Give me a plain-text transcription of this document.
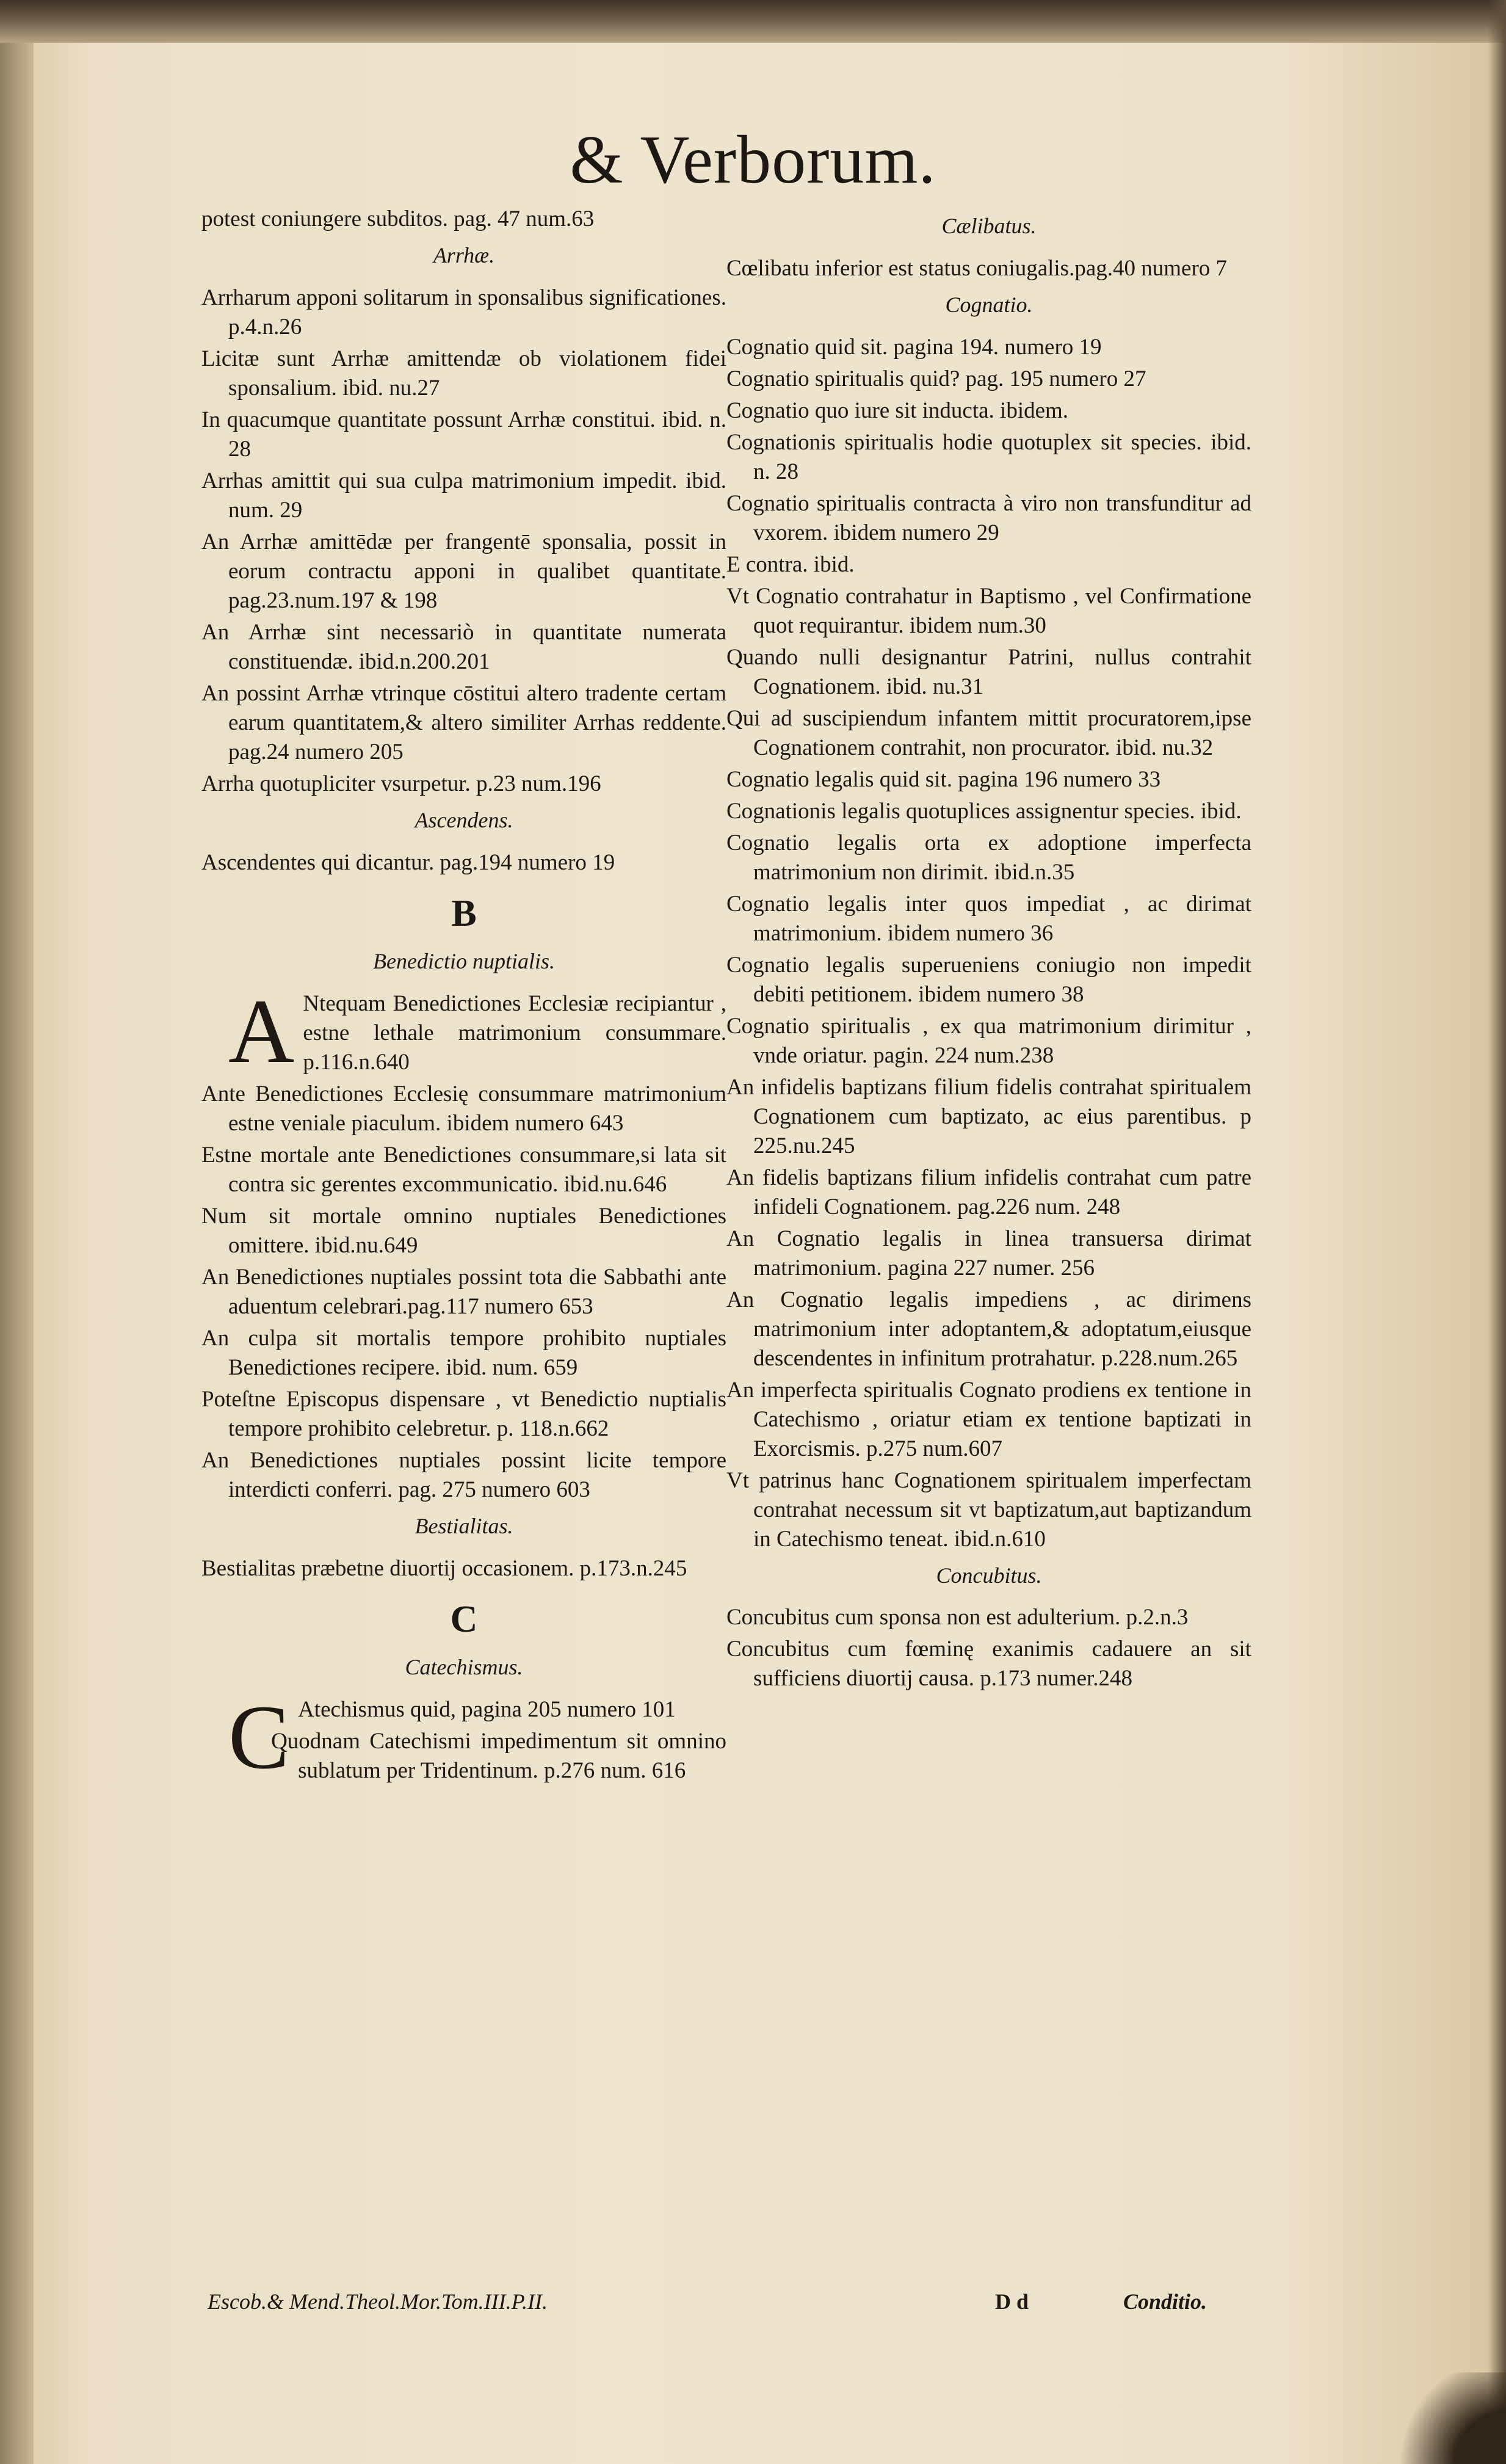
& Verborum.

potest coniungere subditos. pag. 47 num.63

Arrhæ.

Arrharum apponi solitarum in sponsalibus significationes. p.4.n.26

Licitæ sunt Arrhæ amittendæ ob violationem fidei sponsalium. ibid. nu.27

In quacumque quantitate possunt Arrhæ constitui. ibid. n. 28

Arrhas amittit qui sua culpa matrimonium impedit. ibid. num. 29

An Arrhæ amittēdæ per frangentē sponsalia, possit in eorum contractu apponi in qualibet quantitate. pag.23.num.197 & 198

An Arrhæ sint necessariò in quantitate numerata constituendæ. ibid.n.200.201

An possint Arrhæ vtrinque cōstitui altero tradente certam earum quantitatem,& altero similiter Arrhas reddente. pag.24 numero 205

Arrha quotupliciter vsurpetur. p.23 num.196

Ascendens.

Ascendentes qui dicantur. pag.194 numero 19

B
Benedictio nuptialis.

A Ntequam Benedictiones Ecclesiæ recipiantur , estne lethale matrimonium consummare. p.116.n.640

Ante Benedictiones Ecclesię consummare matrimonium estne veniale piaculum. ibidem numero 643

Estne mortale ante Benedictiones consummare,si lata sit contra sic gerentes excommunicatio. ibid.nu.646

Num sit mortale omnino nuptiales Benedictiones omittere. ibid.nu.649

An Benedictiones nuptiales possint tota die Sabbathi ante aduentum celebrari.pag.117 numero 653

An culpa sit mortalis tempore prohibito nuptiales Benedictiones recipere. ibid. num. 659

Poteſtne Episcopus dispensare , vt Benedictio nuptialis tempore prohibito celebretur. p. 118.n.662

An Benedictiones nuptiales possint licite tempore interdicti conferri. pag. 275 numero 603

Bestialitas.

Bestialitas præbetne diuortij occasionem. p.173.n.245

C
Catechismus.

C Atechismus quid, pagina 205 numero 101

Quodnam Catechismi impedimentum sit omnino sublatum per Tridentinum. p.276 num. 616

Cælibatus.

Cœlibatu inferior est status coniugalis.pag.40 numero 7

Cognatio.

Cognatio quid sit. pagina 194. numero 19

Cognatio spiritualis quid? pag. 195 numero 27

Cognatio quo iure sit inducta. ibidem.

Cognationis spiritualis hodie quotuplex sit species. ibid. n. 28

Cognatio spiritualis contracta à viro non transfunditur ad vxorem. ibidem numero 29

E contra. ibid.

Vt Cognatio contrahatur in Baptismo , vel Confirmatione quot requirantur. ibidem num.30

Quando nulli designantur Patrini, nullus contrahit Cognationem. ibid. nu.31

Qui ad suscipiendum infantem mittit procuratorem,ipse Cognationem contrahit, non procurator. ibid. nu.32

Cognatio legalis quid sit. pagina 196 numero 33

Cognationis legalis quotuplices assignentur species. ibid.

Cognatio legalis orta ex adoptione imperfecta matrimonium non dirimit. ibid.n.35

Cognatio legalis inter quos impediat , ac dirimat matrimonium. ibidem numero 36

Cognatio legalis superueniens coniugio non impedit debiti petitionem. ibidem numero 38

Cognatio spiritualis , ex qua matrimonium dirimitur , vnde oriatur. pagin. 224 num.238

An infidelis baptizans filium fidelis contrahat spiritualem Cognationem cum baptizato, ac eius parentibus. p 225.nu.245

An fidelis baptizans filium infidelis contrahat cum patre infideli Cognationem. pag.226 num. 248

An Cognatio legalis in linea transuersa dirimat matrimonium. pagina 227 numer. 256

An Cognatio legalis impediens , ac dirimens matrimonium inter adoptantem,& adoptatum,eiusque descendentes in infinitum protrahatur. p.228.num.265

An imperfecta spiritualis Cognato prodiens ex tentione in Catechismo , oriatur etiam ex tentione baptizati in Exorcismis. p.275 num.607

Vt patrinus hanc Cognationem spiritualem imperfectam contrahat necessum sit vt baptizatum,aut baptizandum in Catechismo teneat. ibid.n.610

Concubitus.

Concubitus cum sponsa non est adulterium. p.2.n.3

Concubitus cum fœminę exanimis cadauere an sit sufficiens diuortij causa. p.173 numer.248

Escob.& Mend.Theol.Mor.Tom.III.P.II.	D d	Conditio.
